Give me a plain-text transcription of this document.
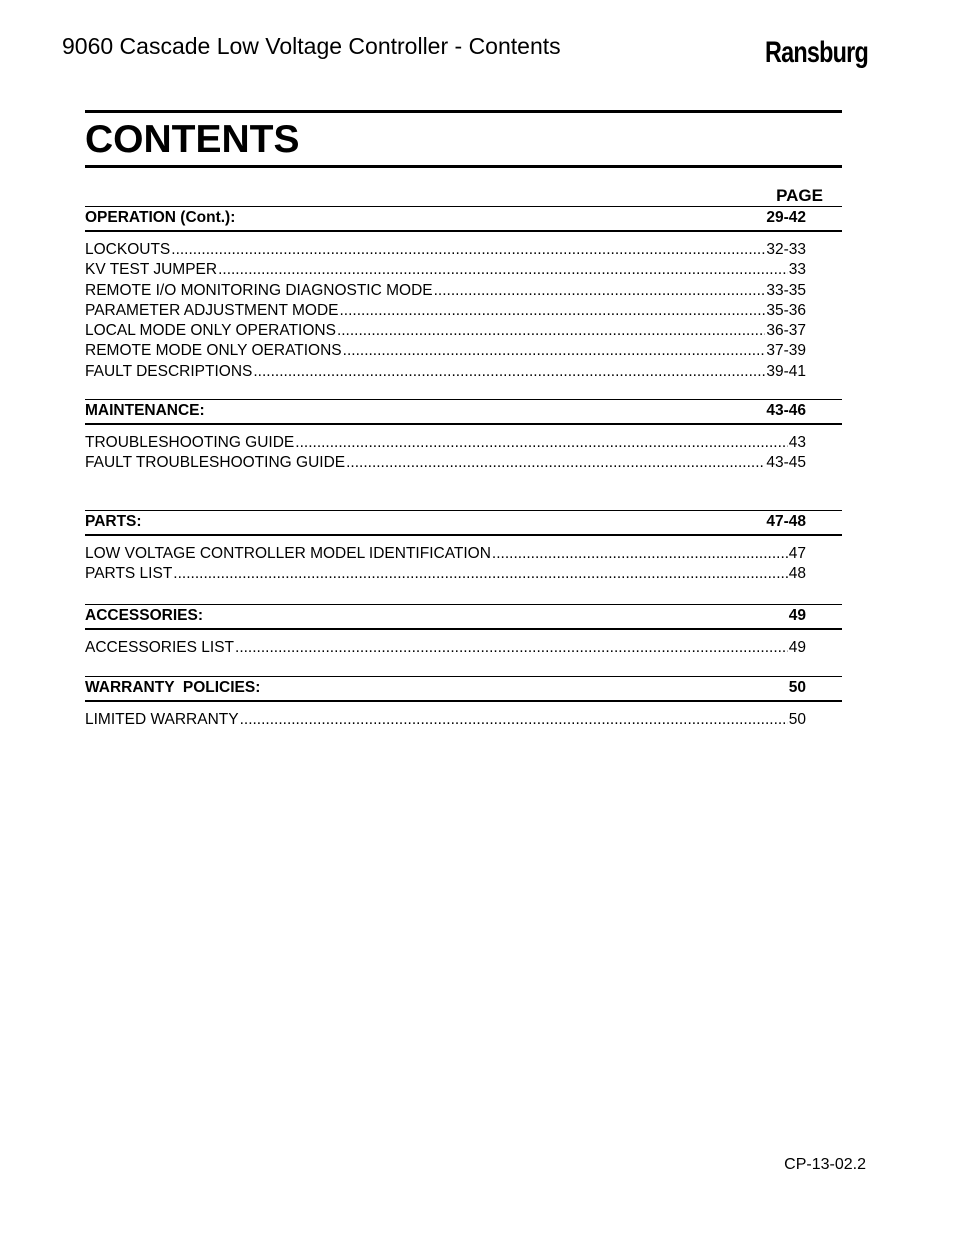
9060 Cascade Low Voltage Controller - Contents	Ransburg
CONTENTS
PAGE
OPERATION (Cont.):	29-42
LOCKOUTS .....	32-33
KV TEST JUMPER .....	33
REMOTE I/O MONITORING DIAGNOSTIC MODE .....	33-35
PARAMETER ADJUSTMENT MODE .....	35-36
LOCAL MODE ONLY OPERATIONS .....	36-37
REMOTE MODE ONLY OERATIONS .....	37-39
FAULT DESCRIPTIONS .....	39-41
MAINTENANCE:	43-46
TROUBLESHOOTING GUIDE .....	43
FAULT TROUBLESHOOTING GUIDE .....	43-45
PARTS:	47-48
LOW VOLTAGE CONTROLLER MODEL IDENTIFICATION .....	47
PARTS LIST .....	48
ACCESSORIES:	49
ACCESSORIES LIST .....	49
WARRANTY  POLICIES:	50
LIMITED WARRANTY .....	50
CP-13-02.2
